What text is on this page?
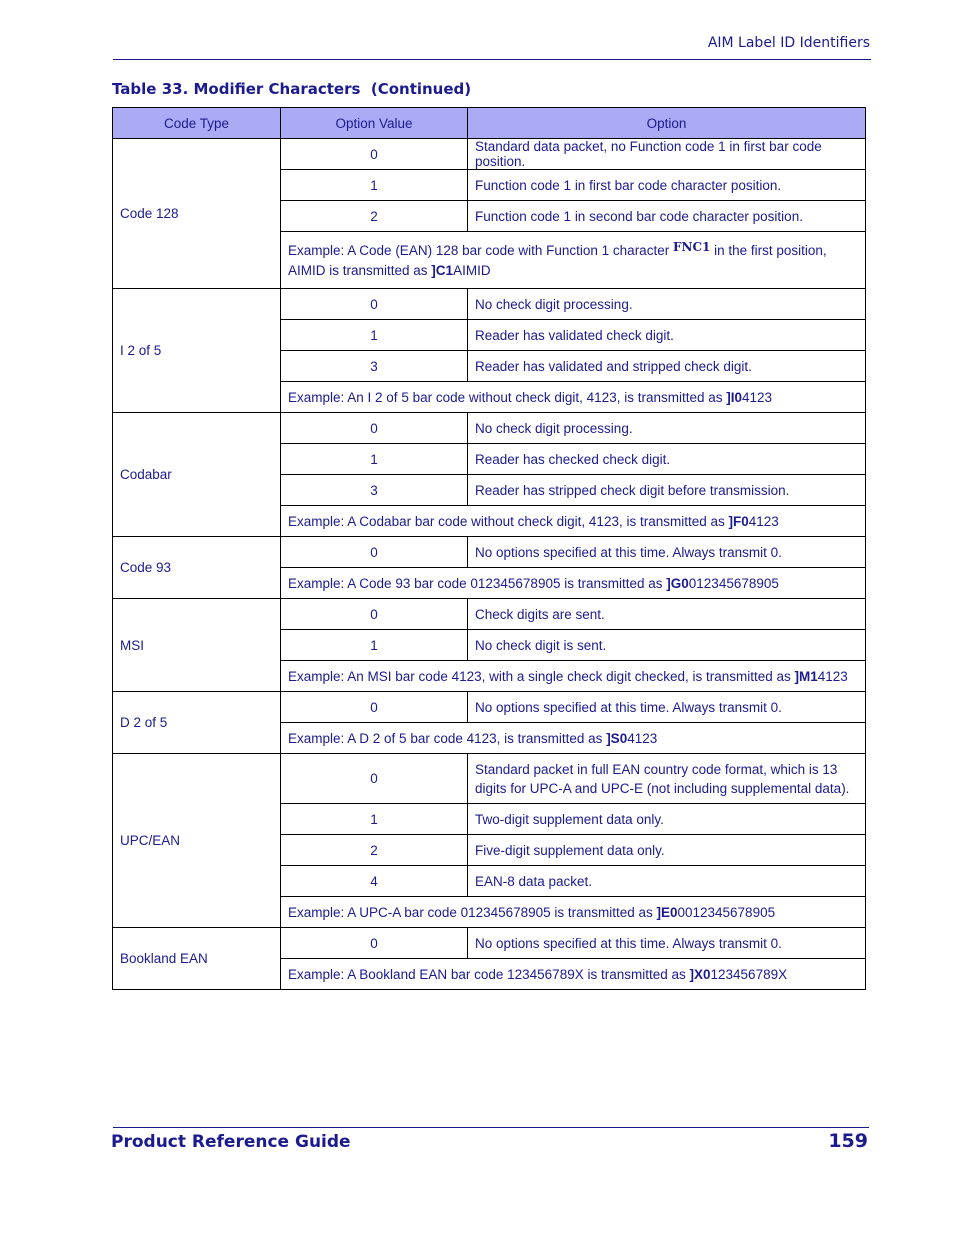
AIM Label ID Identifiers
Table 33. Modifier Characters  (Continued)
Code Type	Option Value	Option
Code 128	0	Standard data packet, no Function code 1 in first bar code position.
	1	Function code 1 in first bar code character position.
	2	Function code 1 in second bar code character position.
	Example: A Code (EAN) 128 bar code with Function 1 character FNC1 in the first position, AIMID is transmitted as ]C1AIMID	
I 2 of 5	0	No check digit processing.
	1	Reader has validated check digit.
	3	Reader has validated and stripped check digit.
	Example: An I 2 of 5 bar code without check digit, 4123, is transmitted as ]I04123	
Codabar	0	No check digit processing.
	1	Reader has checked check digit.
	3	Reader has stripped check digit before transmission.
	Example: A Codabar bar code without check digit, 4123, is transmitted as ]F04123	
Code 93	0	No options specified at this time. Always transmit 0.
	Example: A Code 93 bar code 012345678905 is transmitted as ]G0012345678905	
MSI	0	Check digits are sent.
	1	No check digit is sent.
	Example: An MSI bar code 4123, with a single check digit checked, is transmitted as ]M14123	
D 2 of 5	0	No options specified at this time. Always transmit 0.
	Example: A D 2 of 5 bar code 4123, is transmitted as ]S04123	
UPC/EAN	0	Standard packet in full EAN country code format, which is 13 digits for UPC-A and UPC-E (not including supplemental data).
	1	Two-digit supplement data only.
	2	Five-digit supplement data only.
	4	EAN-8 data packet.
	Example: A UPC-A bar code 012345678905 is transmitted as ]E00012345678905	
Bookland EAN	0	No options specified at this time. Always transmit 0.
	Example: A Bookland EAN bar code 123456789X is transmitted as ]X0123456789X	
Product Reference Guide	159
